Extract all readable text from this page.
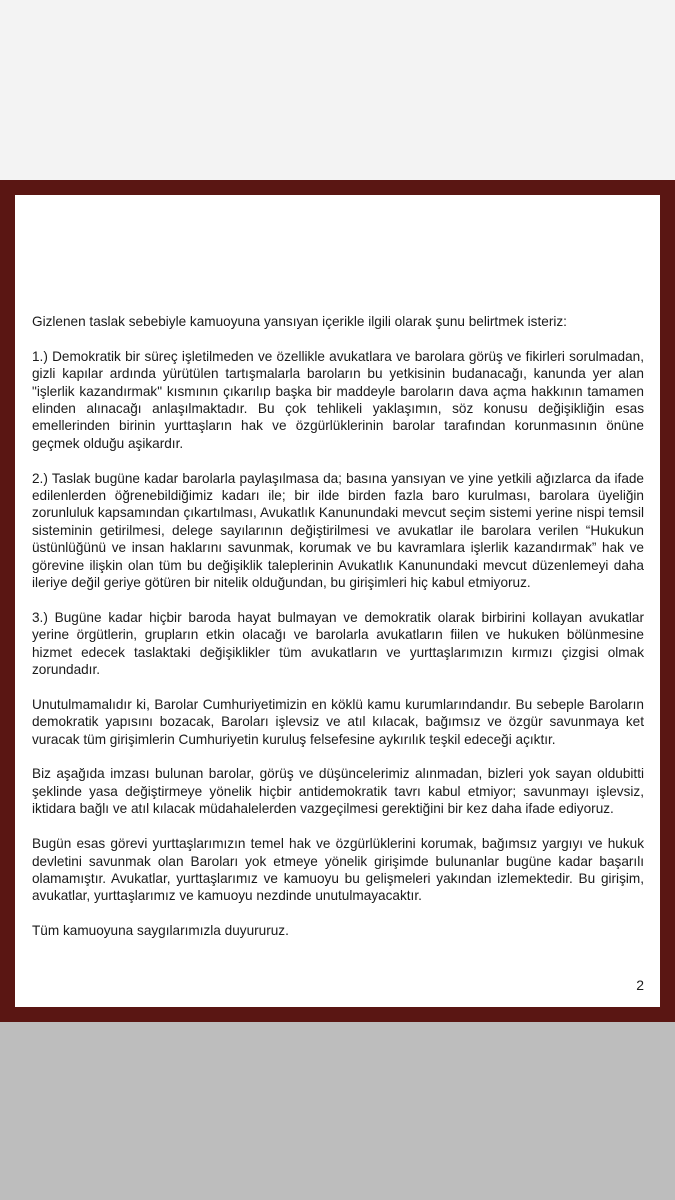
Gizlenen taslak sebebiyle kamuoyuna yansıyan içerikle ilgili olarak şunu belirtmek isteriz:

1.) Demokratik bir süreç işletilmeden ve özellikle avukatlara ve barolara görüş ve fikirleri sorulmadan, gizli kapılar ardında yürütülen tartışmalarla baroların bu yetkisinin budanacağı, kanunda yer alan "işlerlik kazandırmak" kısmının çıkarılıp başka bir maddeyle baroların dava açma hakkının tamamen elinden alınacağı anlaşılmaktadır. Bu çok tehlikeli yaklaşımın, söz konusu değişikliğin esas emellerinden birinin yurttaşların hak ve özgürlüklerinin barolar tarafından korunmasının önüne geçmek olduğu aşikardır.

2.) Taslak bugüne kadar barolarla paylaşılmasa da; basına yansıyan ve yine yetkili ağızlarca da ifade edilenlerden öğrenebildiğimiz kadarı ile; bir ilde birden fazla baro kurulması, barolara üyeliğin zorunluluk kapsamından çıkartılması, Avukatlık Kanunundaki mevcut seçim sistemi yerine nispi temsil sisteminin getirilmesi, delege sayılarının değiştirilmesi ve avukatlar ile barolara verilen “Hukukun üstünlüğünü ve insan haklarını savunmak, korumak ve bu kavramlara işlerlik kazandırmak” hak ve görevine ilişkin olan tüm bu değişiklik taleplerinin Avukatlık Kanunundaki mevcut düzenlemeyi daha ileriye değil geriye götüren bir nitelik olduğundan, bu girişimleri hiç kabul etmiyoruz.

3.) Bugüne kadar hiçbir baroda hayat bulmayan ve demokratik olarak birbirini kollayan avukatlar yerine örgütlerin, grupların etkin olacağı ve barolarla avukatların fiilen ve hukuken bölünmesine hizmet edecek taslaktaki değişiklikler tüm avukatların ve yurttaşlarımızın kırmızı çizgisi olmak zorundadır.

Unutulmamalıdır ki, Barolar Cumhuriyetimizin en köklü kamu kurumlarındandır. Bu sebeple Baroların demokratik yapısını bozacak, Baroları işlevsiz ve atıl kılacak, bağımsız ve özgür savunmaya ket vuracak tüm girişimlerin Cumhuriyetin kuruluş felsefesine aykırılık teşkil edeceği açıktır.

Biz aşağıda imzası bulunan barolar, görüş ve düşüncelerimiz alınmadan, bizleri yok sayan oldubitti şeklinde yasa değiştirmeye yönelik hiçbir antidemokratik tavrı kabul etmiyor; savunmayı işlevsiz, iktidara bağlı ve atıl kılacak müdahalelerden vazgeçilmesi gerektiğini bir kez daha ifade ediyoruz.

Bugün esas görevi yurttaşlarımızın temel hak ve özgürlüklerini korumak, bağımsız yargıyı ve hukuk devletini savunmak olan Baroları yok etmeye yönelik girişimde bulunanlar bugüne kadar başarılı olamamıştır. Avukatlar, yurttaşlarımız ve kamuoyu bu gelişmeleri yakından izlemektedir. Bu girişim, avukatlar, yurttaşlarımız ve kamuoyu nezdinde unutulmayacaktır.

Tüm kamuoyuna saygılarımızla duyururuz.

2
